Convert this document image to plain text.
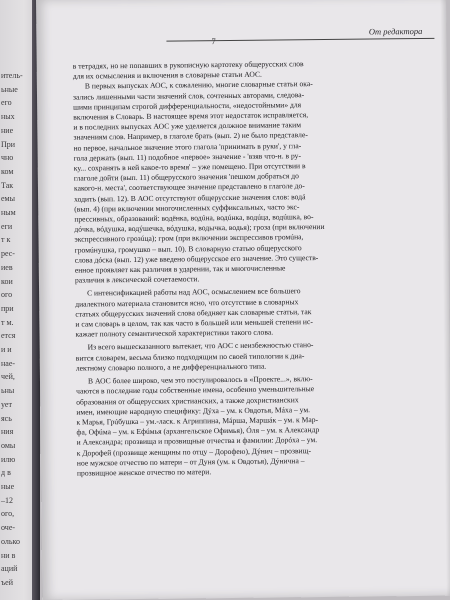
итель-
ьные
его
ных
ние
При
чно
ком
Так
емы
ным
еги
т к
рес-
иев
кои
ого
при
т м.
ется
и и
нае-
чей,
ьны
ует
ясь
ния
омы
илю
д в
ные
–12
ого,
оче-
олько
ни в
аций
ъей
7
От редактора
в тетрадях, но не попавших в рукописную картотеку общерусских слов
для их осмысления и включения в словарные статьи АОС.
В первых выпусках АОС, к сожалению, многие словарные статьи ока-
зались лишенными части значений слов, сочтенных авторами, следова-
шими принципам строгой дифференциальности, «недостойными» для
включения в Словарь. В настоящее время этот недостаток исправляется,
и в последних выпусках АОС уже уделяется должное внимание таким
значениям слов. Например, в глаголе брать (вып. 2) не было представле-
но первое, начальное значение этого глагола 'принимать в руки', у гла-
гола держать (вып. 11) подобное «первое» значение - 'взяв что-н. в ру-
ку... сохранять в ней какое-то время' – уже помещено. При отсутствии в
глаголе дойти (вып. 11) общерусского значения 'пешком добраться до
какого-н. места', соответствующее значение представлено в глаголе до-
ходить (вып. 12). В АОС отсутствуют общерусские значения слов: водá
(вып. 4) (при включении многочисленных суффиксальных, часто экс-
прессивных, образований: водёнка, водúна, водúнка, водúца, водúшка, во-
дóчка, вóдушка, водýшечка, вóдушка, водычка, водья); гроза (при включении
экспрессивного грозúца); гром (при включении экспрессивов громúна,
громúнушка, громушко – вып. 10). В словарную статью общерусского
слова дóска (вып. 12) уже введено общерусское его значение. Это существ-
енное проявляет как различия в ударении, так и многочисленные
различия в лексической сочетаемости.
С интенсификацией работы над АОС, осмыслением все большего
диалектного материала становится ясно, что отсутствие в словарных
статьях общерусских значений слова обедняет как словарные статьи, так
и сам словарь в целом, так как часто в большей или меньшей степени ис-
кажает полноту семантической характеристики такого слова.
Из всего вышесказанного вытекает, что АОС с неизбежностью стано-
вится словарем, весьма близко подходящим по своей типологии к диа-
лектному словарю полного, а не дифференциального типа.
В АОС более широко, чем это постулировалось в «Проекте...», вклю-
чаются в последние годы собственные имена, особенно уменьшительные
образования от общерусских христианских, а также дохристианских
имен, имеющие народную специфику: Дýха – ум. к Овдотья, Мáха – ум.
к Марья, Грúбушка – ум.-ласк. к Агриппина, Мáрша, Маршáк – ум. к Мар-
фа, Офúма – ум. к Ефúмья (архангельское Офимья), Óля – ум. к Александр
и Александра; прозвища и прозвищные отчества и фамилии: Дорóха – ум.
к Дорофей (прозвище женщины по отцу – Дорофею), Дýнич – прозвищ-
ное мужское отчество по матери – от Дуня (ум. к Овдотья), Дýничнa –
прозвищное женское отчество по матери.
